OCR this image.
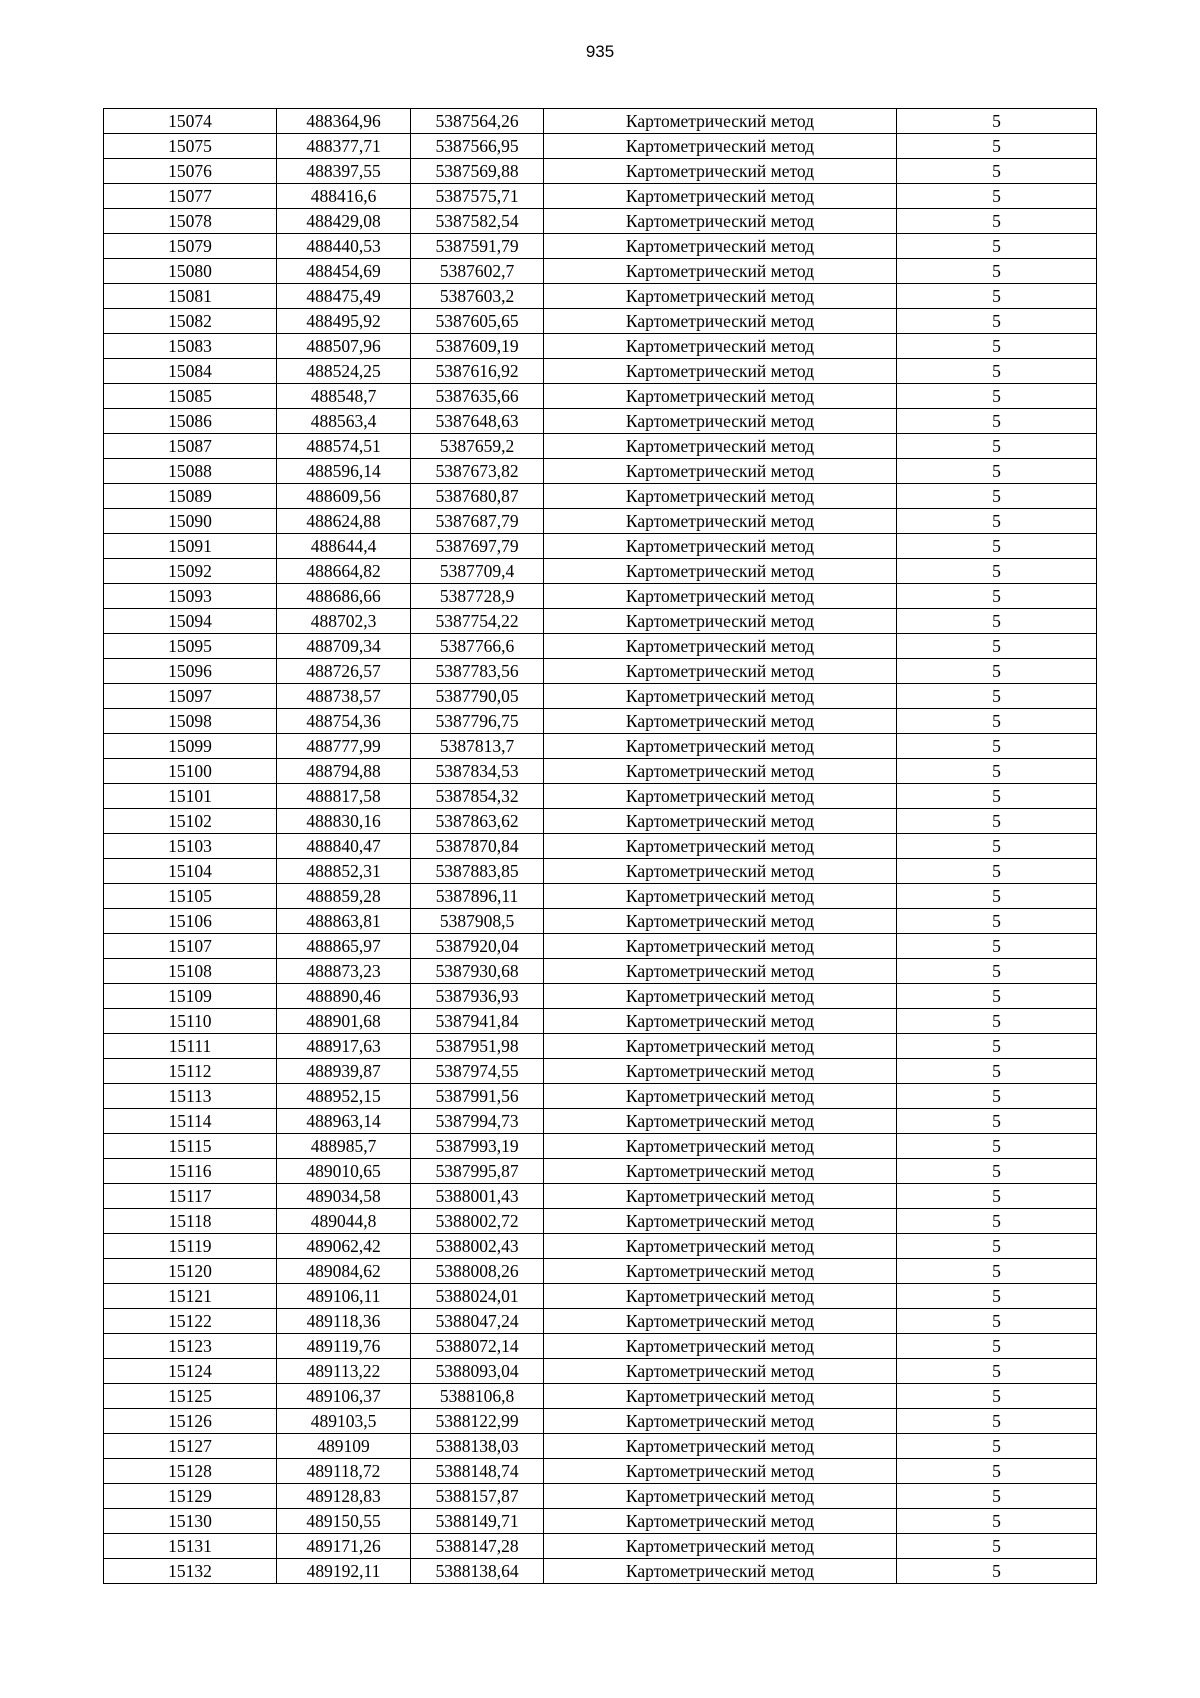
935
15074	488364,96	5387564,26	Картометрический метод	5
15075	488377,71	5387566,95	Картометрический метод	5
15076	488397,55	5387569,88	Картометрический метод	5
15077	488416,6	5387575,71	Картометрический метод	5
15078	488429,08	5387582,54	Картометрический метод	5
15079	488440,53	5387591,79	Картометрический метод	5
15080	488454,69	5387602,7	Картометрический метод	5
15081	488475,49	5387603,2	Картометрический метод	5
15082	488495,92	5387605,65	Картометрический метод	5
15083	488507,96	5387609,19	Картометрический метод	5
15084	488524,25	5387616,92	Картометрический метод	5
15085	488548,7	5387635,66	Картометрический метод	5
15086	488563,4	5387648,63	Картометрический метод	5
15087	488574,51	5387659,2	Картометрический метод	5
15088	488596,14	5387673,82	Картометрический метод	5
15089	488609,56	5387680,87	Картометрический метод	5
15090	488624,88	5387687,79	Картометрический метод	5
15091	488644,4	5387697,79	Картометрический метод	5
15092	488664,82	5387709,4	Картометрический метод	5
15093	488686,66	5387728,9	Картометрический метод	5
15094	488702,3	5387754,22	Картометрический метод	5
15095	488709,34	5387766,6	Картометрический метод	5
15096	488726,57	5387783,56	Картометрический метод	5
15097	488738,57	5387790,05	Картометрический метод	5
15098	488754,36	5387796,75	Картометрический метод	5
15099	488777,99	5387813,7	Картометрический метод	5
15100	488794,88	5387834,53	Картометрический метод	5
15101	488817,58	5387854,32	Картометрический метод	5
15102	488830,16	5387863,62	Картометрический метод	5
15103	488840,47	5387870,84	Картометрический метод	5
15104	488852,31	5387883,85	Картометрический метод	5
15105	488859,28	5387896,11	Картометрический метод	5
15106	488863,81	5387908,5	Картометрический метод	5
15107	488865,97	5387920,04	Картометрический метод	5
15108	488873,23	5387930,68	Картометрический метод	5
15109	488890,46	5387936,93	Картометрический метод	5
15110	488901,68	5387941,84	Картометрический метод	5
15111	488917,63	5387951,98	Картометрический метод	5
15112	488939,87	5387974,55	Картометрический метод	5
15113	488952,15	5387991,56	Картометрический метод	5
15114	488963,14	5387994,73	Картометрический метод	5
15115	488985,7	5387993,19	Картометрический метод	5
15116	489010,65	5387995,87	Картометрический метод	5
15117	489034,58	5388001,43	Картометрический метод	5
15118	489044,8	5388002,72	Картометрический метод	5
15119	489062,42	5388002,43	Картометрический метод	5
15120	489084,62	5388008,26	Картометрический метод	5
15121	489106,11	5388024,01	Картометрический метод	5
15122	489118,36	5388047,24	Картометрический метод	5
15123	489119,76	5388072,14	Картометрический метод	5
15124	489113,22	5388093,04	Картометрический метод	5
15125	489106,37	5388106,8	Картометрический метод	5
15126	489103,5	5388122,99	Картометрический метод	5
15127	489109	5388138,03	Картометрический метод	5
15128	489118,72	5388148,74	Картометрический метод	5
15129	489128,83	5388157,87	Картометрический метод	5
15130	489150,55	5388149,71	Картометрический метод	5
15131	489171,26	5388147,28	Картометрический метод	5
15132	489192,11	5388138,64	Картометрический метод	5
